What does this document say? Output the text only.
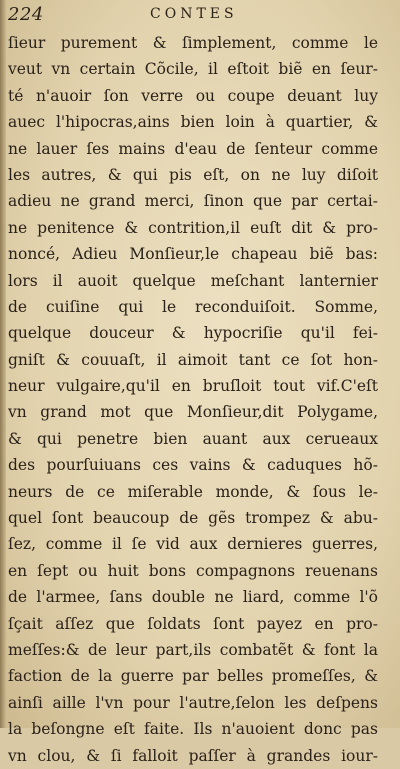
224	CONTES
ſieur purement & ſimplement, comme le
veut vn certain Cõcile, il eſtoit biẽ en ſeur-
té n'auoir ſon verre ou coupe deuant luy
auec l'hipocras,ains bien loin à quartier, &
ne lauer ſes mains d'eau de ſenteur comme
les autres, & qui pis eſt, on ne luy diſoit
adieu ne grand merci, ſinon que par certai-
ne penitence & contrition,il euſt dit & pro-
noncé, Adieu Monſieur,le chapeau biẽ bas:
lors il auoit quelque meſchant lanternier
de cuiſine qui le reconduiſoit. Somme,
quelque douceur & hypocriſie qu'il fei-
gniſt & couuaſt, il aimoit tant ce ſot hon-
neur vulgaire,qu'il en bruſloit tout vif.C'eſt
vn grand mot que Monſieur,dit Polygame,
& qui penetre bien auant aux cerueaux
des pourſuiuans ces vains & caduques hõ-
neurs de ce miſerable monde, & ſous le-
quel ſont beaucoup de gẽs trompez & abu-
ſez, comme il ſe vid aux dernieres guerres,
en ſept ou huit bons compagnons reuenans
de l'armee, ſans double ne liard, comme l'õ
ſçait aſſez que ſoldats ſont payez en pro-
meſſes:& de leur part,ils combatẽt & font la
faction de la guerre par belles promeſſes, &
ainſi aille l'vn pour l'autre,ſelon les deſpens
la beſongne eſt faite. Ils n'auoient donc pas
vn clou, & ſi falloit paſſer à grandes iour-
